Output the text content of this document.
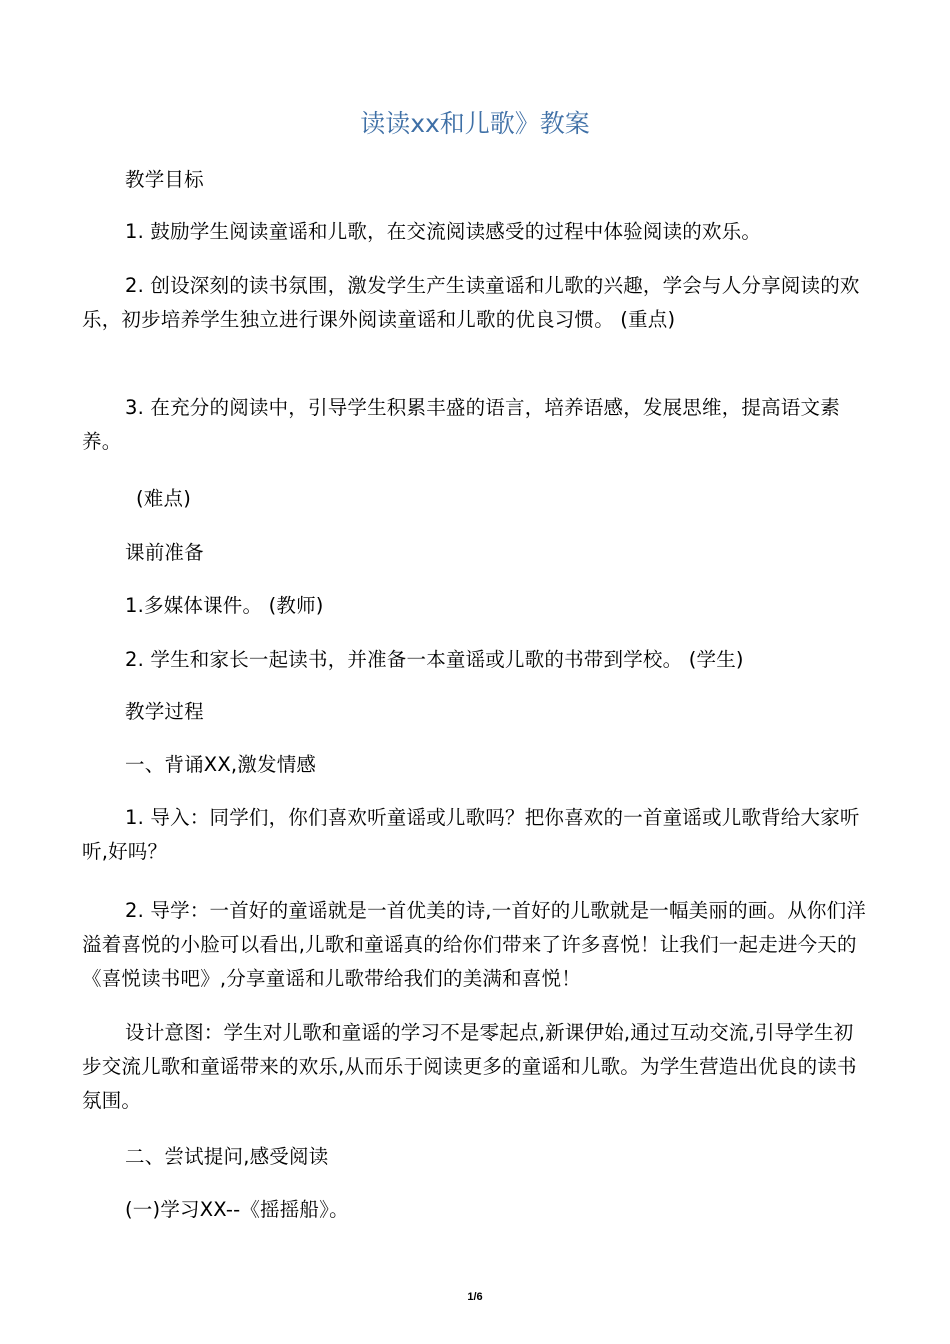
读读xx和儿歌》教案

教学目标

1. 鼓励学生阅读童谣和儿歌，在交流阅读感受的过程中体验阅读的欢乐。

2. 创设深刻的读书氛围，激发学生产生读童谣和儿歌的兴趣，学会与人分享阅读的欢乐，初步培养学生独立进行课外阅读童谣和儿歌的优良习惯。 (重点)

3. 在充分的阅读中，引导学生积累丰盛的语言，培养语感，发展思维，提高语文素养。

(难点)

课前准备

1.多媒体课件。 (教师)

2. 学生和家长一起读书，并准备一本童谣或儿歌的书带到学校。 (学生)

教学过程

一、背诵XX,激发情感

1. 导入：同学们，你们喜欢听童谣或儿歌吗？把你喜欢的一首童谣或儿歌背给大家听听,好吗？

2. 导学：一首好的童谣就是一首优美的诗,一首好的儿歌就是一幅美丽的画。从你们洋溢着喜悦的小脸可以看出,儿歌和童谣真的给你们带来了许多喜悦！让我们一起走进今天的《喜悦读书吧》,分享童谣和儿歌带给我们的美满和喜悦！

设计意图：学生对儿歌和童谣的学习不是零起点,新课伊始,通过互动交流,引导学生初步交流儿歌和童谣带来的欢乐,从而乐于阅读更多的童谣和儿歌。为学生营造出优良的读书氛围。

二、尝试提问,感受阅读

(一)学习XX--《摇摇船》。

1/6
